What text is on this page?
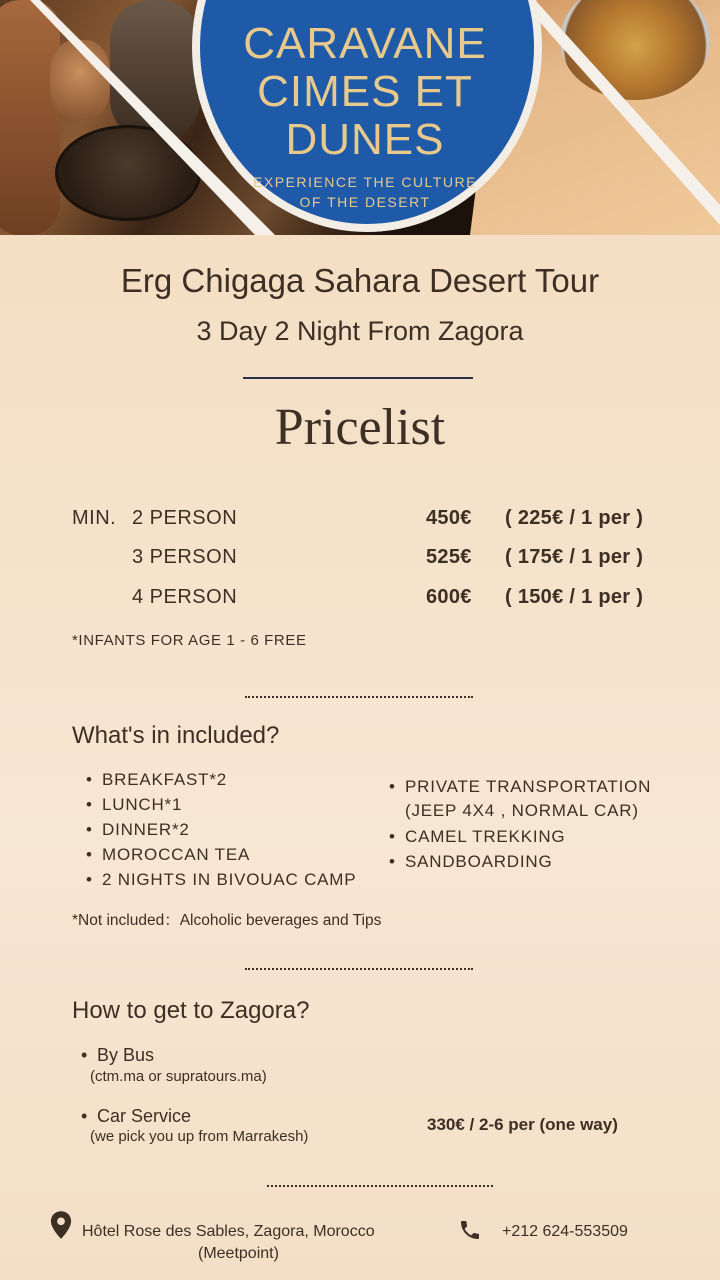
CARAVANE
CIMES ET
DUNES
EXPERIENCE THE CULTURE
OF THE DESERT
Erg Chigaga Sahara Desert Tour
3 Day 2 Night From Zagora
Pricelist
MIN. 2 PERSON	450€ ( 225€ / 1 per )
3 PERSON	525€ ( 175€ / 1 per )
4 PERSON	600€ ( 150€ / 1 per )
*INFANTS FOR AGE 1 - 6 FREE
What's in included?
• BREAKFAST*2
• LUNCH*1
• DINNER*2
• MOROCCAN TEA
• 2 NIGHTS IN BIVOUAC CAMP
• PRIVATE TRANSPORTATION
(JEEP 4X4 , NORMAL CAR)
• CAMEL TREKKING
• SANDBOARDING
*Not included：Alcoholic beverages and Tips
How to get to Zagora?
• By Bus
(ctm.ma or supratours.ma)
• Car Service
(we pick you up from Marrakesh)
330€ / 2-6 per (one way)
Hôtel Rose des Sables, Zagora, Morocco
(Meetpoint)
+212 624-553509
